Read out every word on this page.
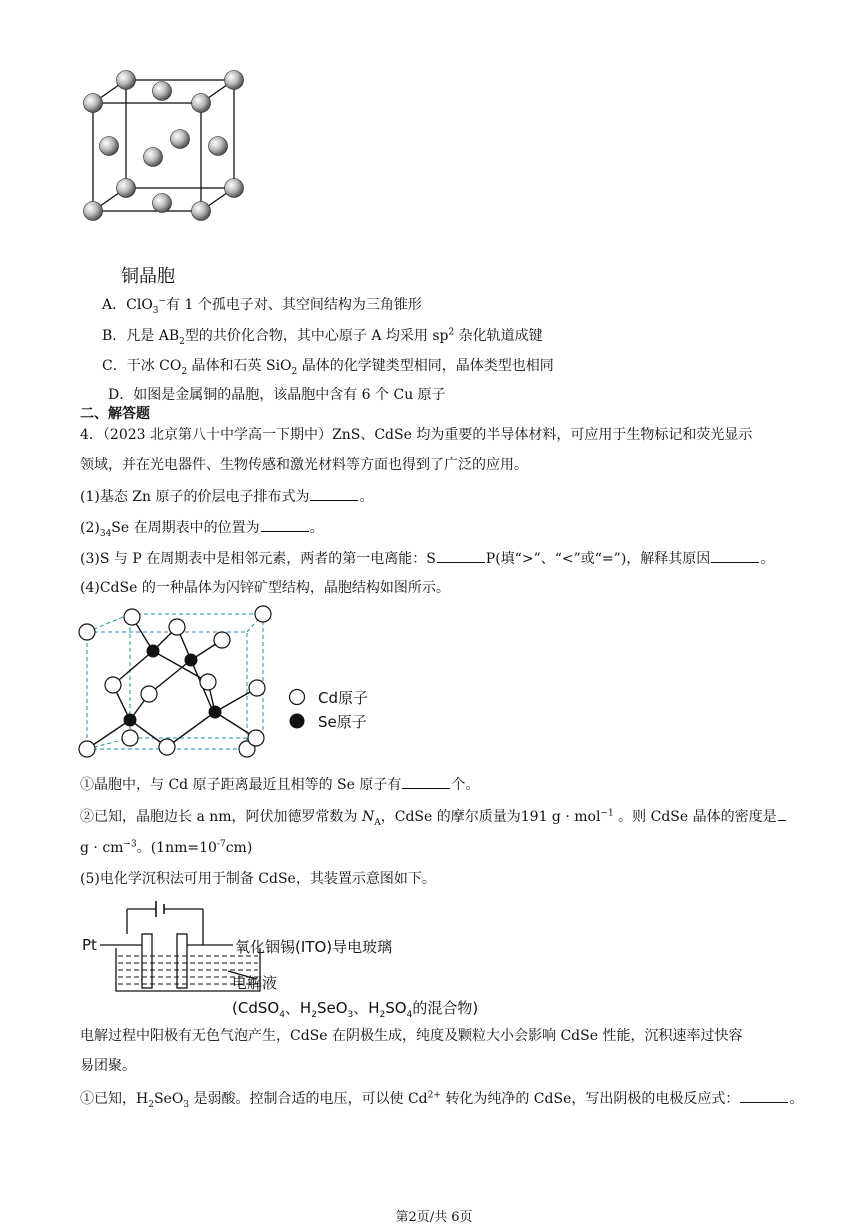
铜晶胞
A．ClO$_3$−有 1 个孤电子对、其空间结构为三角锥形
B．凡是 $AB_2$型的共价化合物，其中心原子 A 均采用 $sp^2$ 杂化轨道成键
C．干冰 $CO_2$ 晶体和石英 SiO$_2$ 晶体的化学键类型相同，晶体类型也相同
D．如图是金属铜的晶胞，该晶胞中含有 6 个 Cu 原子
二、解答题
4．（2023 北京第八十中学高一下期中）ZnS、CdSe 均为重要的半导体材料，可应用于生物标记和荧光显示
领域，并在光电器件、生物传感和激光材料等方面也得到了广泛的应用。
(1)基态 Zn 原子的价层电子排布式为	。
$(2)_{34}Se$ 在周期表中的位置为	。
(3)S 与 P 在周期表中是相邻元素，两者的第一电离能：S	P(填“>”、“<”或“=”)，解释其原因	。
(4)CdSe 的一种晶体为闪锌矿型结构，晶胞结构如图所示。
Cd原子
Se原子
①晶胞中，与 Cd 原子距离最近且相等的 Se 原子有	个。
②已知，晶胞边长 a nm，阿伏加德罗常数为 $N_A$，CdSe 的摩尔质量为191 g · mol$^{-1}$ 。则 CdSe 晶体的密度是
$g \cdot cm^{-3}$。$(1nm=10^{-7}cm)$
(5)电化学沉积法可用于制备 CdSe，其装置示意图如下。
Pt	氧化铟锡(ITO)导电玻璃
电解液
(CdSO$_4$、$H_2SeO_3$、$H_2SO_4$的混合物)
电解过程中阳极有无色气泡产生，CdSe 在阴极生成，纯度及颗粒大小会影响 CdSe 性能，沉积速率过快容
易团聚。
①已知，$H_2SeO_3$ 是弱酸。控制合适的电压，可以使 $Cd^{2+}$ 转化为纯净的 CdSe，写出阴极的电极反应式：	。
第2页/共 6页
